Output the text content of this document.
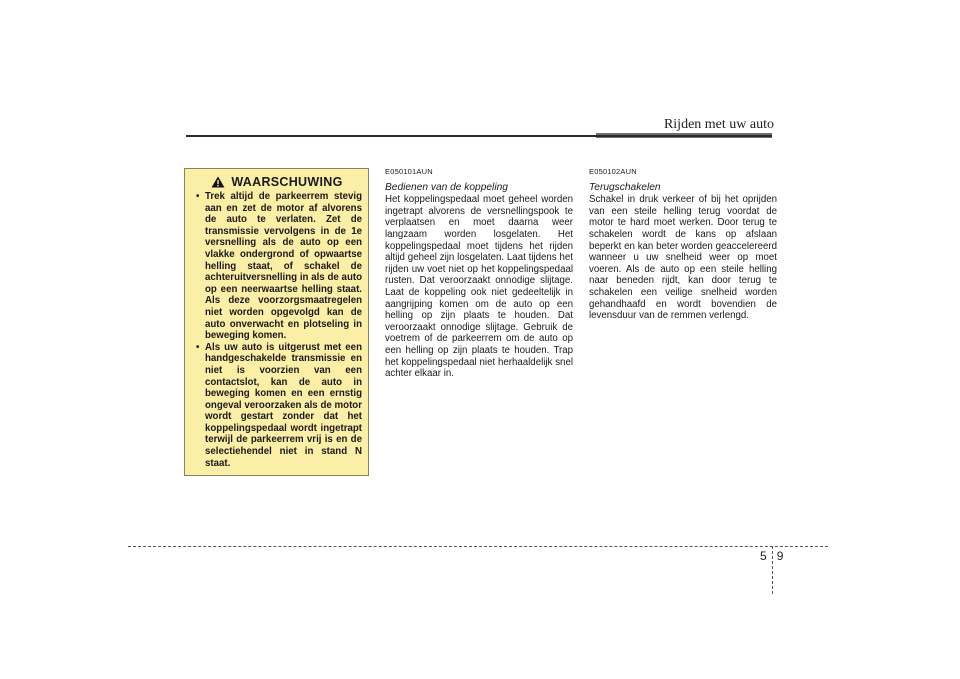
Rijden met uw auto
WAARSCHUWING
• Trek altijd de parkeerrem stevig aan en zet de motor af alvorens de auto te verlaten. Zet de transmissie vervolgens in de 1e versnelling als de auto op een vlakke ondergrond of opwaartse helling staat, of schakel de achteruitversnelling in als de auto op een neerwaartse helling staat. Als deze voorzorgsmaatregelen niet worden opgevolgd kan de auto onverwacht en plotseling in beweging komen.
• Als uw auto is uitgerust met een handgeschakelde transmissie en niet is voorzien van een contactslot, kan de auto in beweging komen en een ernstig ongeval veroorzaken als de motor wordt gestart zonder dat het koppelingspedaal wordt ingetrapt terwijl de parkeerrem vrij is en de selectiehendel niet in stand N staat.
E050101AUN
Bedienen van de koppeling
Het koppelingspedaal moet geheel worden ingetrapt alvorens de versnellingspook te verplaatsen en moet daarna weer langzaam worden losgelaten. Het koppelingspedaal moet tijdens het rijden altijd geheel zijn losgelaten. Laat tijdens het rijden uw voet niet op het koppelingspedaal rusten. Dat veroorzaakt onnodige slijtage. Laat de koppeling ook niet gedeeltelijk in aangrijping komen om de auto op een helling op zijn plaats te houden. Dat veroorzaakt onnodige slijtage. Gebruik de voetrem of de parkeerrem om de auto op een helling op zijn plaats te houden. Trap het koppelingspedaal niet herhaaldelijk snel achter elkaar in.
E050102AUN
Terugschakelen
Schakel in druk verkeer of bij het oprijden van een steile helling terug voordat de motor te hard moet werken. Door terug te schakelen wordt de kans op afslaan beperkt en kan beter worden geaccelereerd wanneer u uw snelheid weer op moet voeren. Als de auto op een steile helling naar beneden rijdt, kan door terug te schakelen een veilige snelheid worden gehandhaafd en wordt bovendien de levensduur van de remmen verlengd.
5 9
